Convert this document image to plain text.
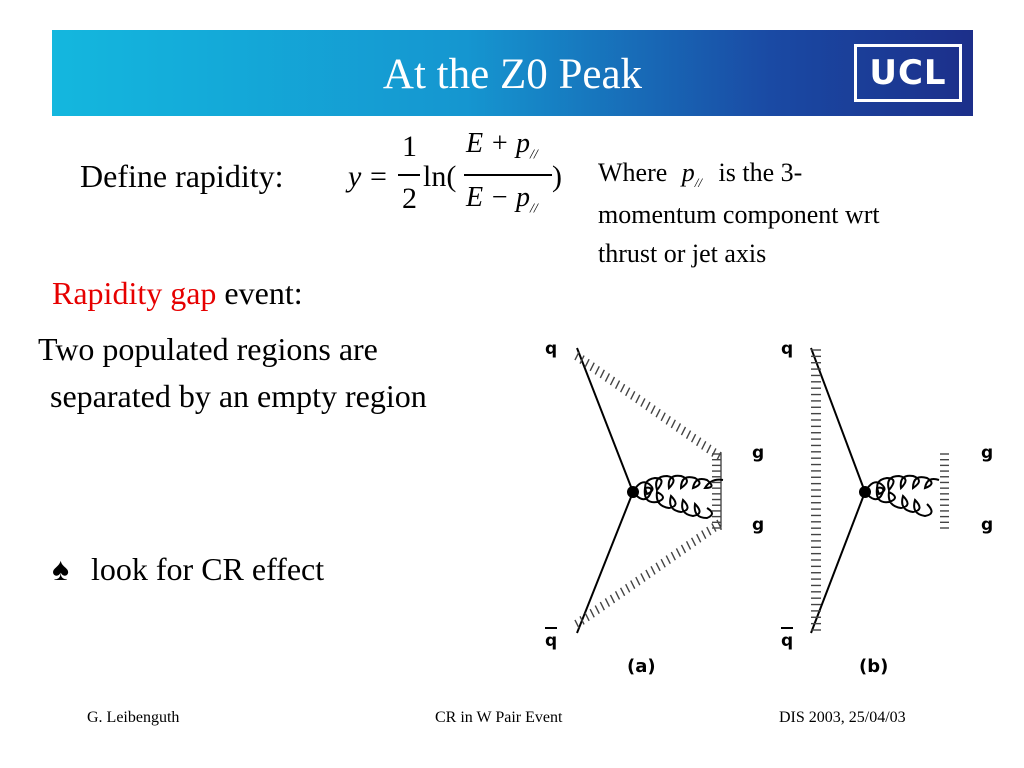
At the Z0 Peak	UCL
Define rapidity: y =
1
2
ln(
$E + p_{//}$
$E - p_{//}$
) Where $p_{//}$ is the 3-
momentum component wrt
thrust or jet axis
Rapidity gap event:
Two populated regions are
separated by an empty region
♠ look for CR effect
q
q
g
g
(a)
q
q
g
g
(b)
G. Leibenguth	CR in W Pair Event	DIS 2003, 25/04/03
